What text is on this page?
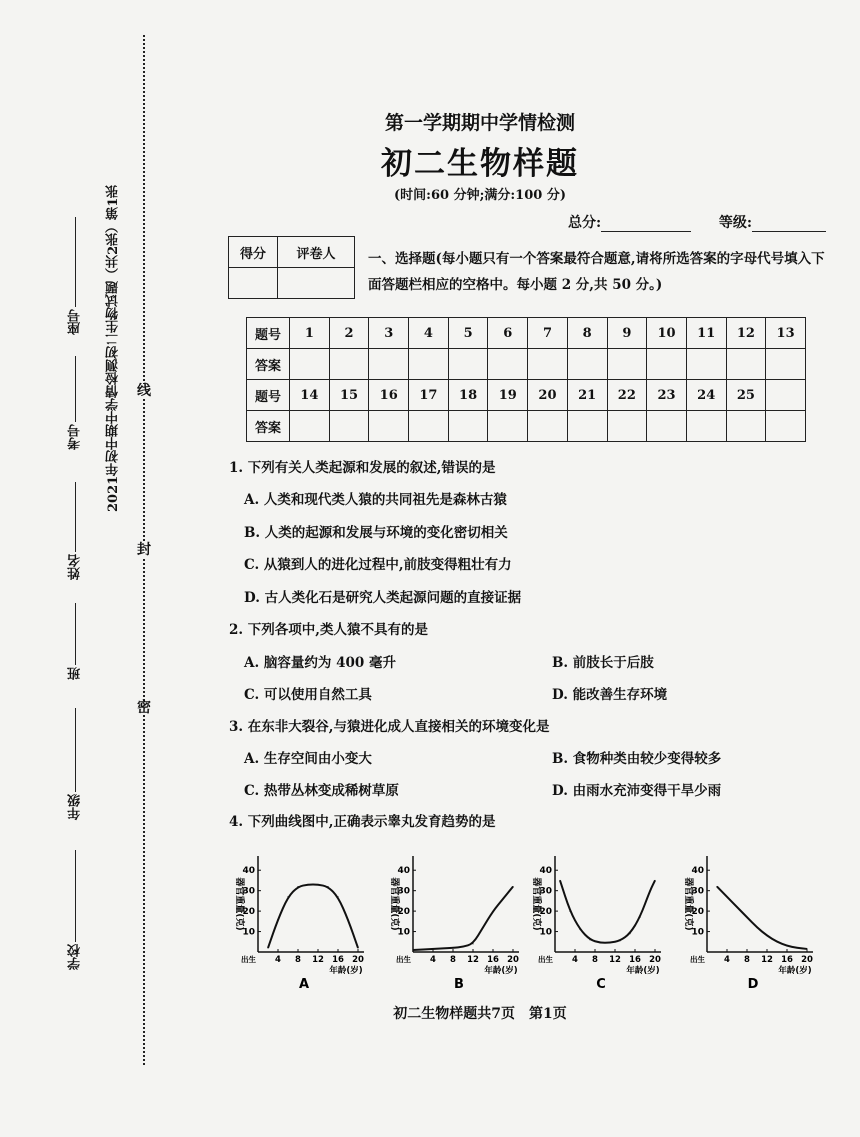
线
封
密
2021年初中期中学情检测初二生物试题（共2张）第1张
座号
考号
姓名
班
年级
学校
第一学期期中学情检测
初二生物样题
(时间:60 分钟;满分:100 分)
总分:	等级:
得分	评卷人
	一、选择题(每小题只有一个答案最符合题意,请将所选答案的字母代号填入下面答题栏相应的空格中。每小题 2 分,共 50 分。)
题号	1	2	3	4	5	6	7	8	9	10	11	12	13
答案													
题号	14	15	16	17	18	19	20	21	22	23	24	25	
答案													
1. 下列有关人类起源和发展的叙述,错误的是
A. 人类和现代类人猿的共同祖先是森林古猿
B. 人类的起源和发展与环境的变化密切相关
C. 从猿到人的进化过程中,前肢变得粗壮有力
D. 古人类化石是研究人类起源问题的直接证据
2. 下列各项中,类人猿不具有的是
A. 脑容量约为 400 毫升	B. 前肢长于后肢
C. 可以使用自然工具	D. 能改善生存环境
3. 在东非大裂谷,与猿进化成人直接相关的环境变化是
A. 生存空间由小变大	B. 食物种类由较少变得较多
C. 热带丛林变成稀树草原	D. 由雨水充沛变得干旱少雨
4. 下列曲线图中,正确表示睾丸发育趋势的是
器官重量(克)
10
20
30
40
出生 4 8 12 16 20
年龄(岁)
A
器官重量(克)
10
20
30
40
出生 4 8 12 16 20
年龄(岁)
B
器官重量(克)
10
20
30
40
出生 4 8 12 16 20
年龄(岁)
C
器官重量(克)
10
20
30
40
出生 4 8 12 16 20
年龄(岁)
D
初二生物样题共7页　第1页
